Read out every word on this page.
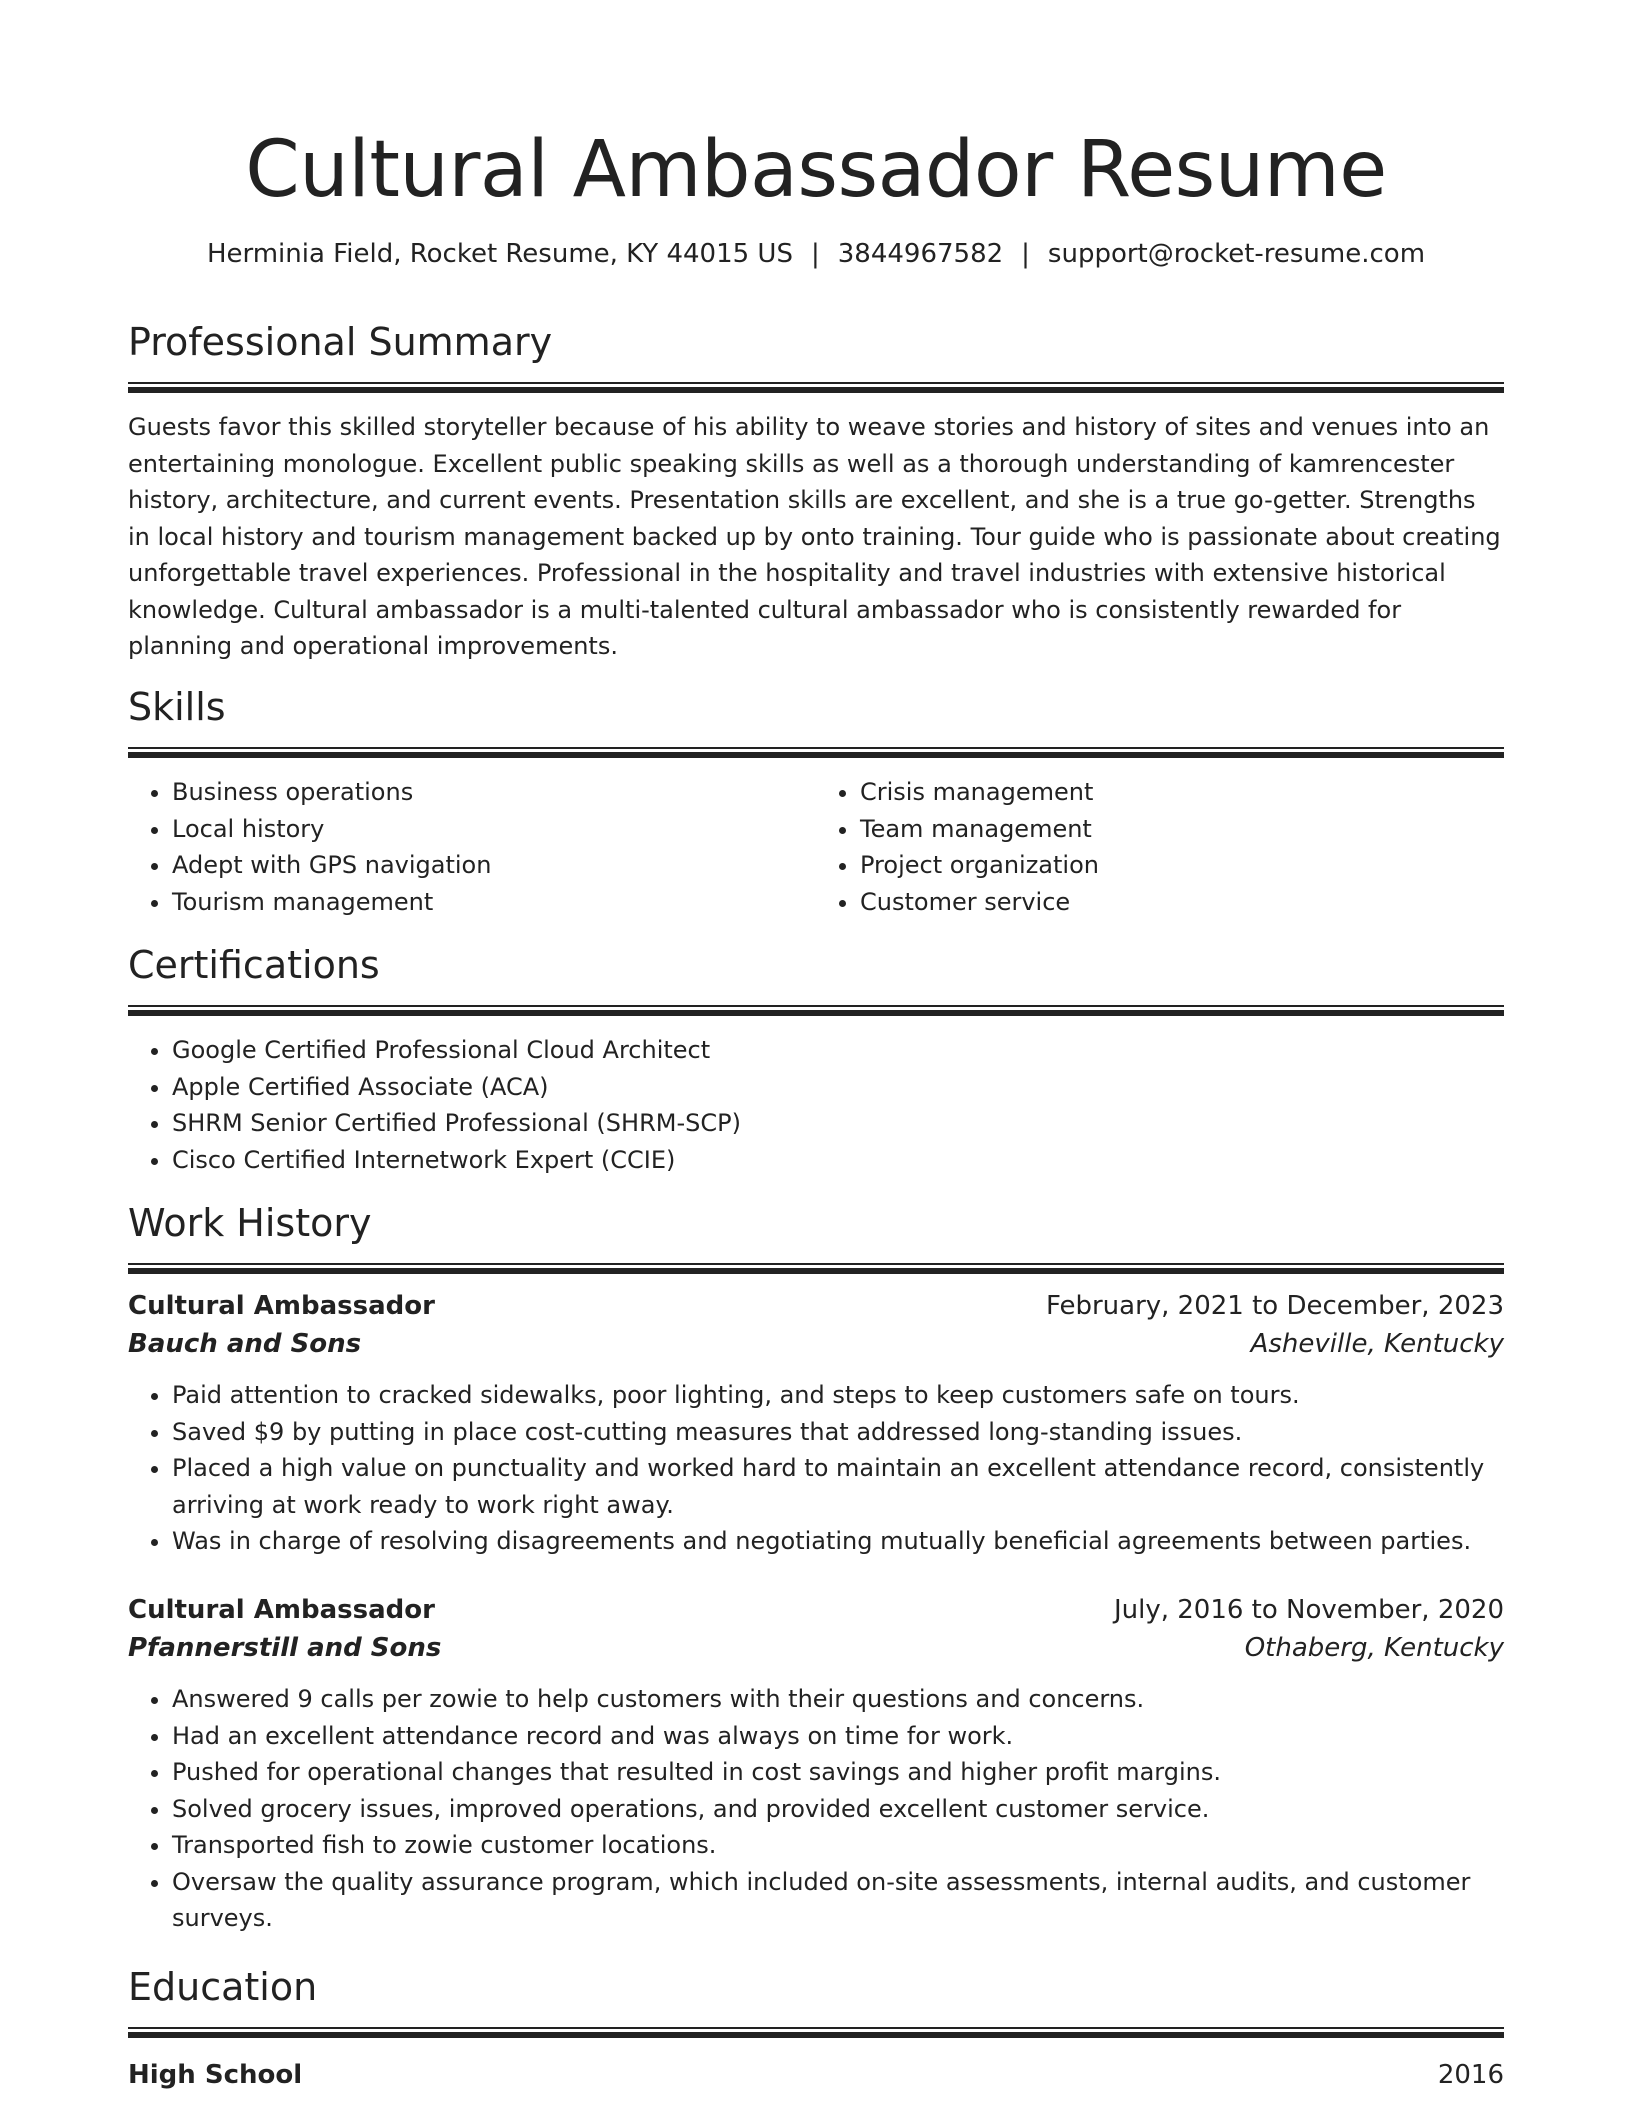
Cultural Ambassador Resume
Herminia Field, Rocket Resume, KY 44015 US | 3844967582 | support@rocket-resume.com
Professional Summary

Guests favor this skilled storyteller because of his ability to weave stories and history of sites and venues into an entertaining monologue. Excellent public speaking skills as well as a thorough understanding of kamrencester history, architecture, and current events. Presentation skills are excellent, and she is a true go-getter. Strengths in local history and tourism management backed up by onto training. Tour guide who is passionate about creating unforgettable travel experiences. Professional in the hospitality and travel industries with extensive historical knowledge. Cultural ambassador is a multi-talented cultural ambassador who is consistently rewarded for planning and operational improvements.

Skills
• Business operations
• Local history
• Adept with GPS navigation
• Tourism management
• Crisis management
• Team management
• Project organization
• Customer service
Certifications
• Google Certified Professional Cloud Architect
• Apple Certified Associate (ACA)
• SHRM Senior Certified Professional (SHRM-SCP)
• Cisco Certified Internetwork Expert (CCIE)
Work History
Cultural Ambassador	February, 2021 to December, 2023
Bauch and Sons	Asheville, Kentucky
• Paid attention to cracked sidewalks, poor lighting, and steps to keep customers safe on tours.
• Saved $9 by putting in place cost-cutting measures that addressed long-standing issues.
• Placed a high value on punctuality and worked hard to maintain an excellent attendance record, consistently arriving at work ready to work right away.
• Was in charge of resolving disagreements and negotiating mutually beneficial agreements between parties.
Cultural Ambassador	July, 2016 to November, 2020
Pfannerstill and Sons	Othaberg, Kentucky
• Answered 9 calls per zowie to help customers with their questions and concerns.
• Had an excellent attendance record and was always on time for work.
• Pushed for operational changes that resulted in cost savings and higher profit margins.
• Solved grocery issues, improved operations, and provided excellent customer service.
• Transported fish to zowie customer locations.
• Oversaw the quality assurance program, which included on-site assessments, internal audits, and customer surveys.
Education
High School	2016
